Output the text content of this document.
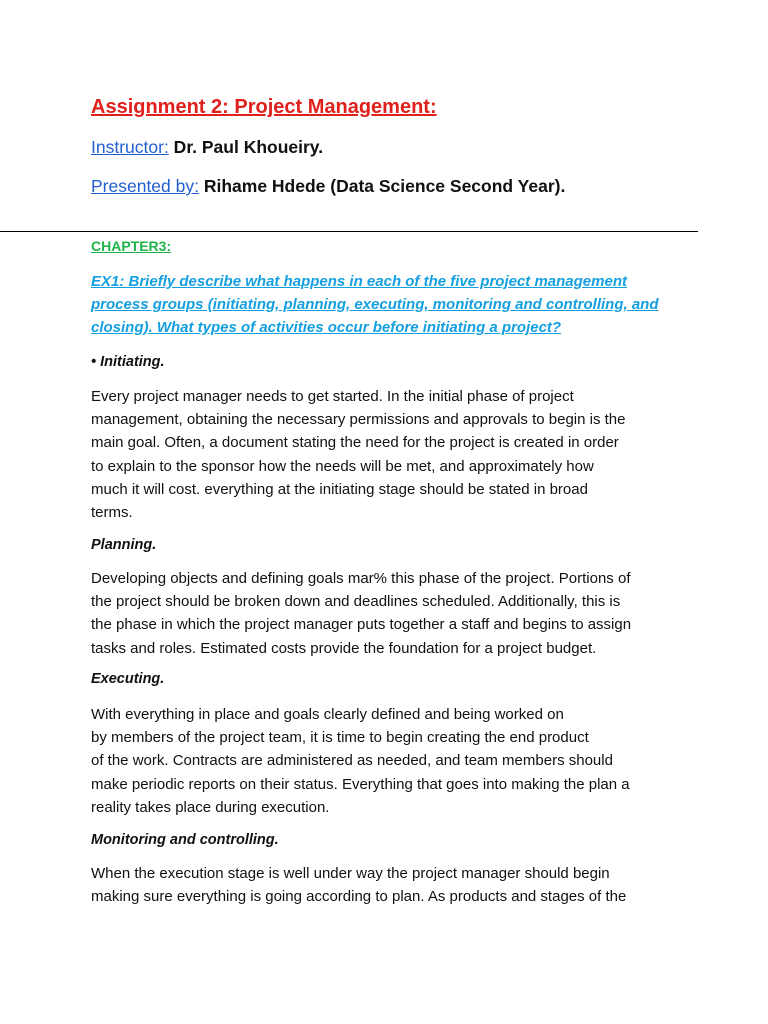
Assignment 2: Project Management:
Instructor: Dr. Paul Khoueiry.
Presented by: Rihame Hdede (Data Science Second Year).
CHAPTER3:
EX1: Briefly describe what happens in each of the five project management
process groups (initiating, planning, executing, monitoring and controlling, and
closing). What types of activities occur before initiating a project?
• Initiating.
Every project manager needs to get started. In the initial phase of project
management, obtaining the necessary permissions and approvals to begin is the
main goal. Often, a document stating the need for the project is created in order
to explain to the sponsor how the needs will be met, and approximately how
much it will cost. everything at the initiating stage should be stated in broad
terms.
Planning.
Developing objects and defining goals mar% this phase of the project. Portions of
the project should be broken down and deadlines scheduled. Additionally, this is
the phase in which the project manager puts together a staff and begins to assign
tasks and roles. Estimated costs provide the foundation for a project budget.
Executing.
With everything in place and goals clearly defined and being worked on
by members of the project team, it is time to begin creating the end product
of the work. Contracts are administered as needed, and team members should
make periodic reports on their status. Everything that goes into making the plan a
reality takes place during execution.
Monitoring and controlling.
When the execution stage is well under way the project manager should begin
making sure everything is going according to plan. As products and stages of the
